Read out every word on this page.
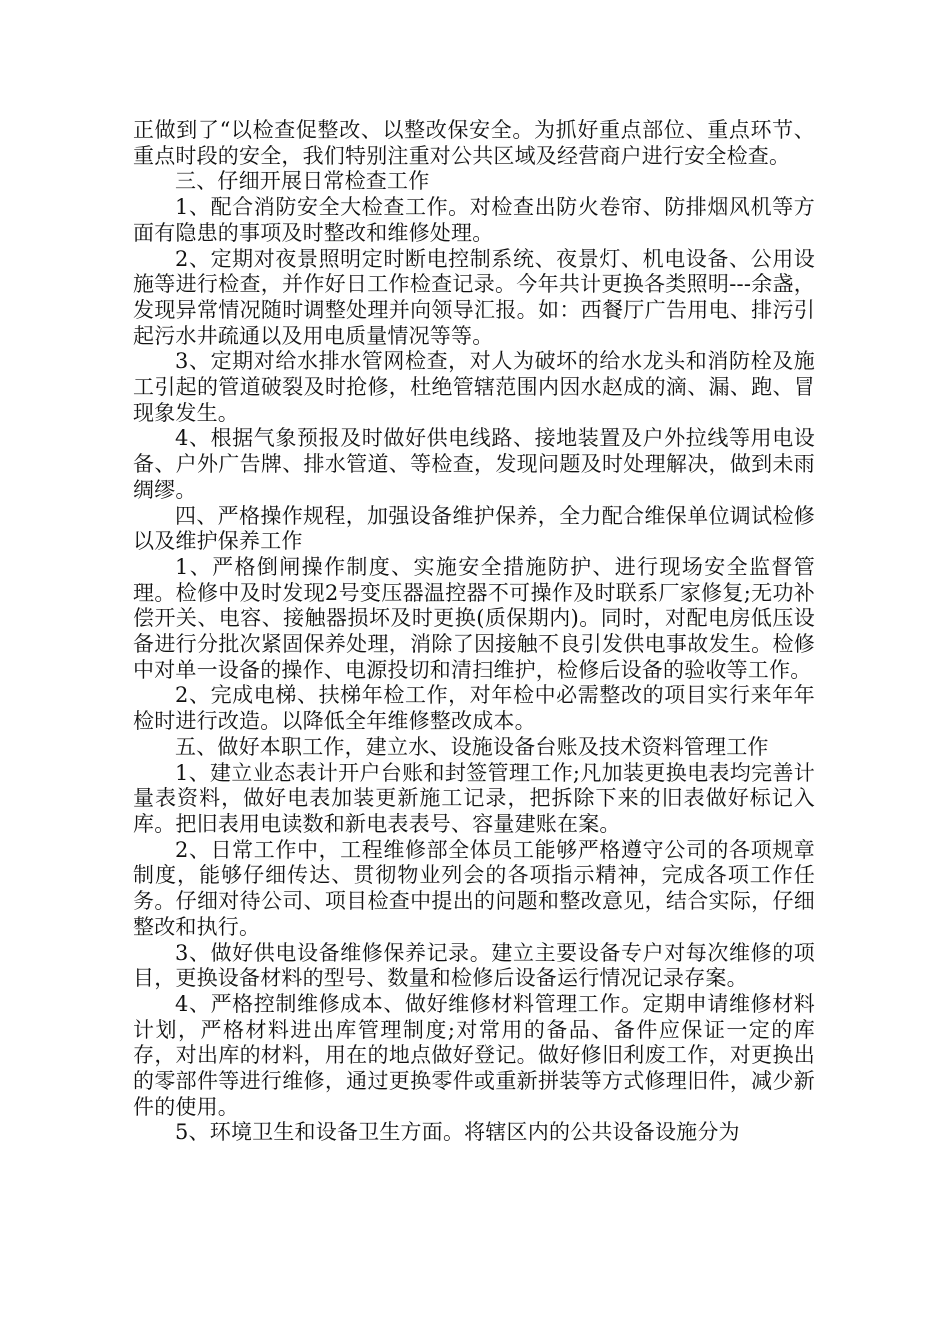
正做到了“以检查促整改、以整改保安全。为抓好重点部位、重点环节、重点时段的安全，我们特别注重对公共区域及经营商户进行安全检查。

三、仔细开展日常检查工作

1、配合消防安全大检查工作。对检查出防火卷帘、防排烟风机等方面有隐患的事项及时整改和维修处理。

2、定期对夜景照明定时断电控制系统、夜景灯、机电设备、公用设施等进行检查，并作好日工作检查记录。今年共计更换各类照明---余盏，发现异常情况随时调整处理并向领导汇报。如：西餐厅广告用电、排污引起污水井疏通以及用电质量情况等等。

3、定期对给水排水管网检查，对人为破坏的给水龙头和消防栓及施工引起的管道破裂及时抢修，杜绝管辖范围内因水赵成的滴、漏、跑、冒现象发生。

4、根据气象预报及时做好供电线路、接地装置及户外拉线等用电设备、户外广告牌、排水管道、等检查，发现问题及时处理解决，做到未雨绸缪。

四、严格操作规程，加强设备维护保养，全力配合维保单位调试检修以及维护保养工作

1、严格倒闸操作制度、实施安全措施防护、进行现场安全监督管理。检修中及时发现2号变压器温控器不可操作及时联系厂家修复;无功补偿开关、电容、接触器损坏及时更换(质保期内)。同时，对配电房低压设备进行分批次紧固保养处理，消除了因接触不良引发供电事故发生。检修中对单一设备的操作、电源投切和清扫维护，检修后设备的验收等工作。

2、完成电梯、扶梯年检工作，对年检中必需整改的项目实行来年年检时进行改造。以降低全年维修整改成本。

五、做好本职工作，建立水、设施设备台账及技术资料管理工作

1、建立业态表计开户台账和封签管理工作;凡加装更换电表均完善计量表资料，做好电表加装更新施工记录，把拆除下来的旧表做好标记入库。把旧表用电读数和新电表表号、容量建账在案。

2、日常工作中，工程维修部全体员工能够严格遵守公司的各项规章制度，能够仔细传达、贯彻物业列会的各项指示精神，完成各项工作任务。仔细对待公司、项目检查中提出的问题和整改意见，结合实际，仔细整改和执行。

3、做好供电设备维修保养记录。建立主要设备专户对每次维修的项目，更换设备材料的型号、数量和检修后设备运行情况记录存案。

4、严格控制维修成本、做好维修材料管理工作。定期申请维修材料计划，严格材料进出库管理制度;对常用的备品、备件应保证一定的库存，对出库的材料，用在的地点做好登记。做好修旧利废工作，对更换出的零部件等进行维修，通过更换零件或重新拼装等方式修理旧件，减少新件的使用。

5、环境卫生和设备卫生方面。将辖区内的公共设备设施分为
